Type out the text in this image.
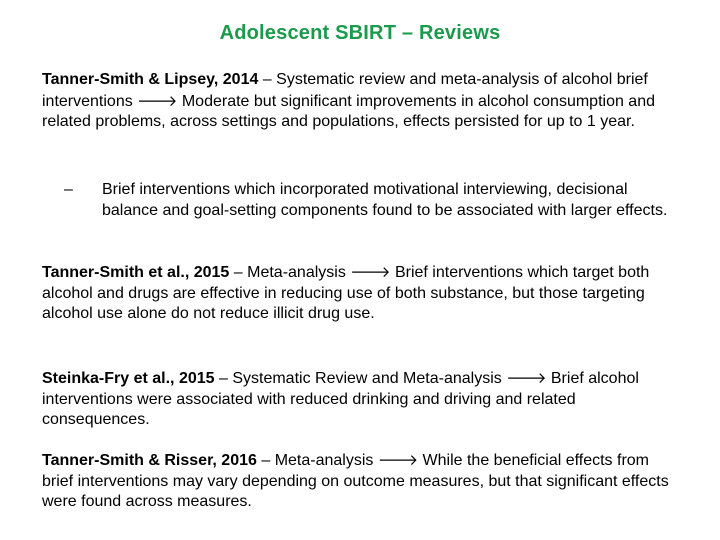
Adolescent SBIRT – Reviews
Tanner-Smith & Lipsey, 2014 – Systematic review and meta-analysis of alcohol brief interventions 🡒 Moderate but significant improvements in alcohol consumption and related problems, across settings and populations, effects persisted for up to 1 year.
–	Brief interventions which incorporated motivational interviewing, decisional balance and goal-setting components found to be associated with larger effects.
Tanner-Smith et al., 2015 – Meta-analysis 🡒 Brief interventions which target both alcohol and drugs are effective in reducing use of both substance, but those targeting alcohol use alone do not reduce illicit drug use.
Steinka-Fry et al., 2015 – Systematic Review and Meta-analysis 🡒 Brief alcohol interventions were associated with reduced drinking and driving and related consequences.
Tanner-Smith & Risser, 2016 – Meta-analysis 🡒 While the beneficial effects from brief interventions may vary depending on outcome measures, but that significant effects were found across measures.
